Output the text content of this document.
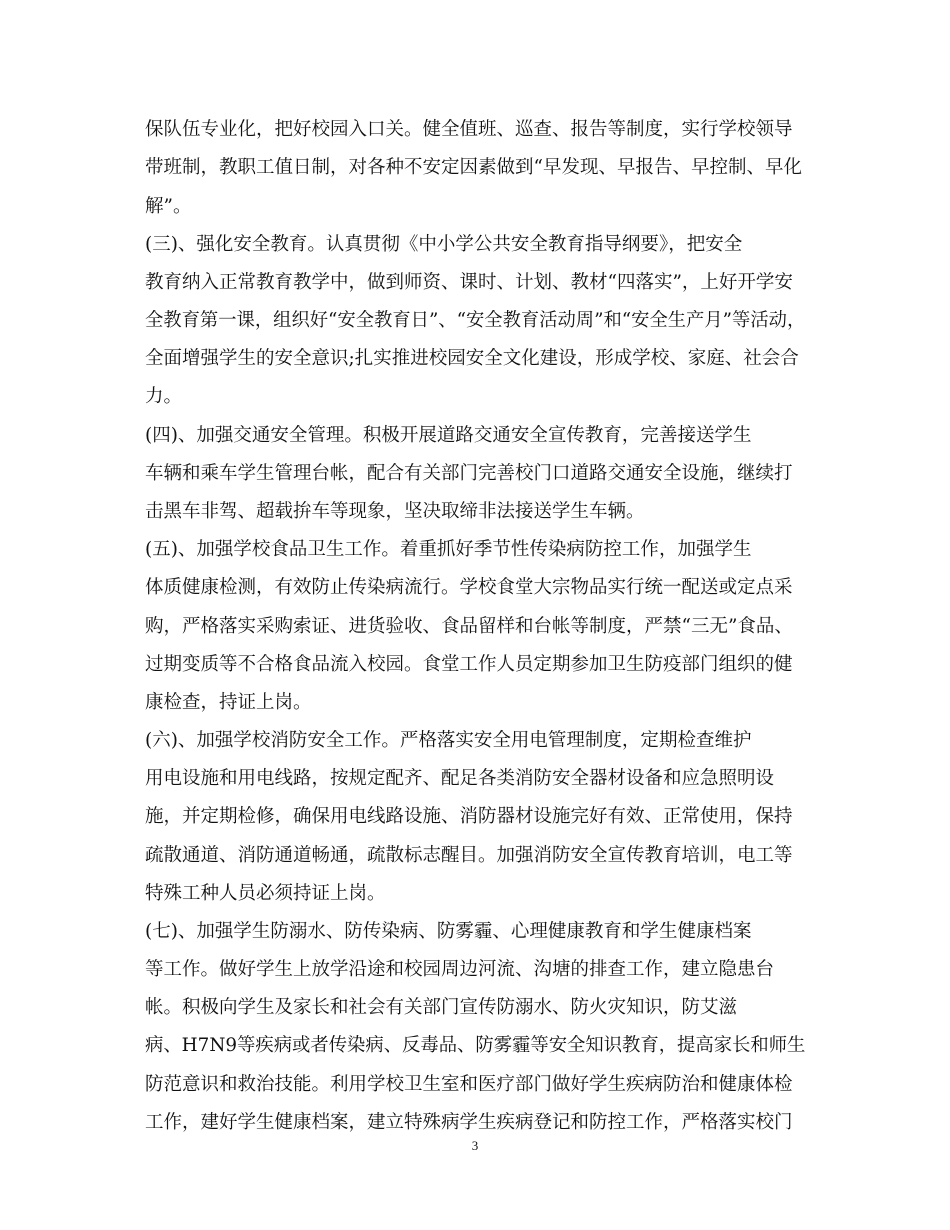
保队伍专业化，把好校园入口关。健全值班、巡查、报告等制度，实行学校领导

带班制，教职工值日制，对各种不安定因素做到“早发现、早报告、早控制、早化

解”。

(三)、强化安全教育。认真贯彻《中小学公共安全教育指导纲要》，把安全

教育纳入正常教育教学中，做到师资、课时、计划、教材“四落实”，上好开学安

全教育第一课，组织好“安全教育日”、“安全教育活动周”和“安全生产月”等活动，

全面增强学生的安全意识;扎实推进校园安全文化建设，形成学校、家庭、社会合

力。

(四)、加强交通安全管理。积极开展道路交通安全宣传教育，完善接送学生

车辆和乘车学生管理台帐，配合有关部门完善校门口道路交通安全设施，继续打

击黑车非驾、超载拚车等现象，坚决取缔非法接送学生车辆。

(五)、加强学校食品卫生工作。着重抓好季节性传染病防控工作，加强学生

体质健康检测，有效防止传染病流行。学校食堂大宗物品实行统一配送或定点采

购，严格落实采购索证、进货验收、食品留样和台帐等制度，严禁“三无”食品、

过期变质等不合格食品流入校园。食堂工作人员定期参加卫生防疫部门组织的健

康检查，持证上岗。

(六)、加强学校消防安全工作。严格落实安全用电管理制度，定期检查维护

用电设施和用电线路，按规定配齐、配足各类消防安全器材设备和应急照明设

施，并定期检修，确保用电线路设施、消防器材设施完好有效、正常使用，保持

疏散通道、消防通道畅通，疏散标志醒目。加强消防安全宣传教育培训，电工等

特殊工种人员必须持证上岗。

(七)、加强学生防溺水、防传染病、防雾霾、心理健康教育和学生健康档案

等工作。做好学生上放学沿途和校园周边河流、沟塘的排查工作，建立隐患台

帐。积极向学生及家长和社会有关部门宣传防溺水、防火灾知识，防艾滋

病、H7N9等疾病或者传染病、反毒品、防雾霾等安全知识教育，提高家长和师生

防范意识和救治技能。利用学校卫生室和医疗部门做好学生疾病防治和健康体检

工作，建好学生健康档案，建立特殊病学生疾病登记和防控工作，严格落实校门

3
